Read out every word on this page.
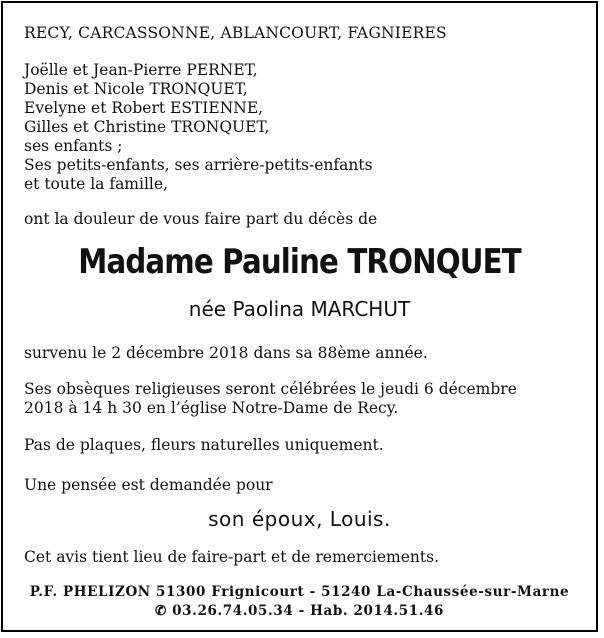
RECY, CARCASSONNE, ABLANCOURT, FAGNIERES
Joëlle et Jean-Pierre PERNET,
Denis et Nicole TRONQUET,
Evelyne et Robert ESTIENNE,
Gilles et Christine TRONQUET,
ses enfants ;
Ses petits-enfants, ses arrière-petits-enfants
et toute la famille,
ont la douleur de vous faire part du décès de
Madame Pauline TRONQUET
née Paolina MARCHUT
survenu le 2 décembre 2018 dans sa 88ème année.
Ses obsèques religieuses seront célébrées le jeudi 6 décembre
2018 à 14 h 30 en l’église Notre-Dame de Recy.
Pas de plaques, fleurs naturelles uniquement.
Une pensée est demandée pour
son époux, Louis.
Cet avis tient lieu de faire-part et de remerciements.
P.F. PHELIZON 51300 Frignicourt - 51240 La-Chaussée-sur-Marne
✆ 03.26.74.05.34 - Hab. 2014.51.46
